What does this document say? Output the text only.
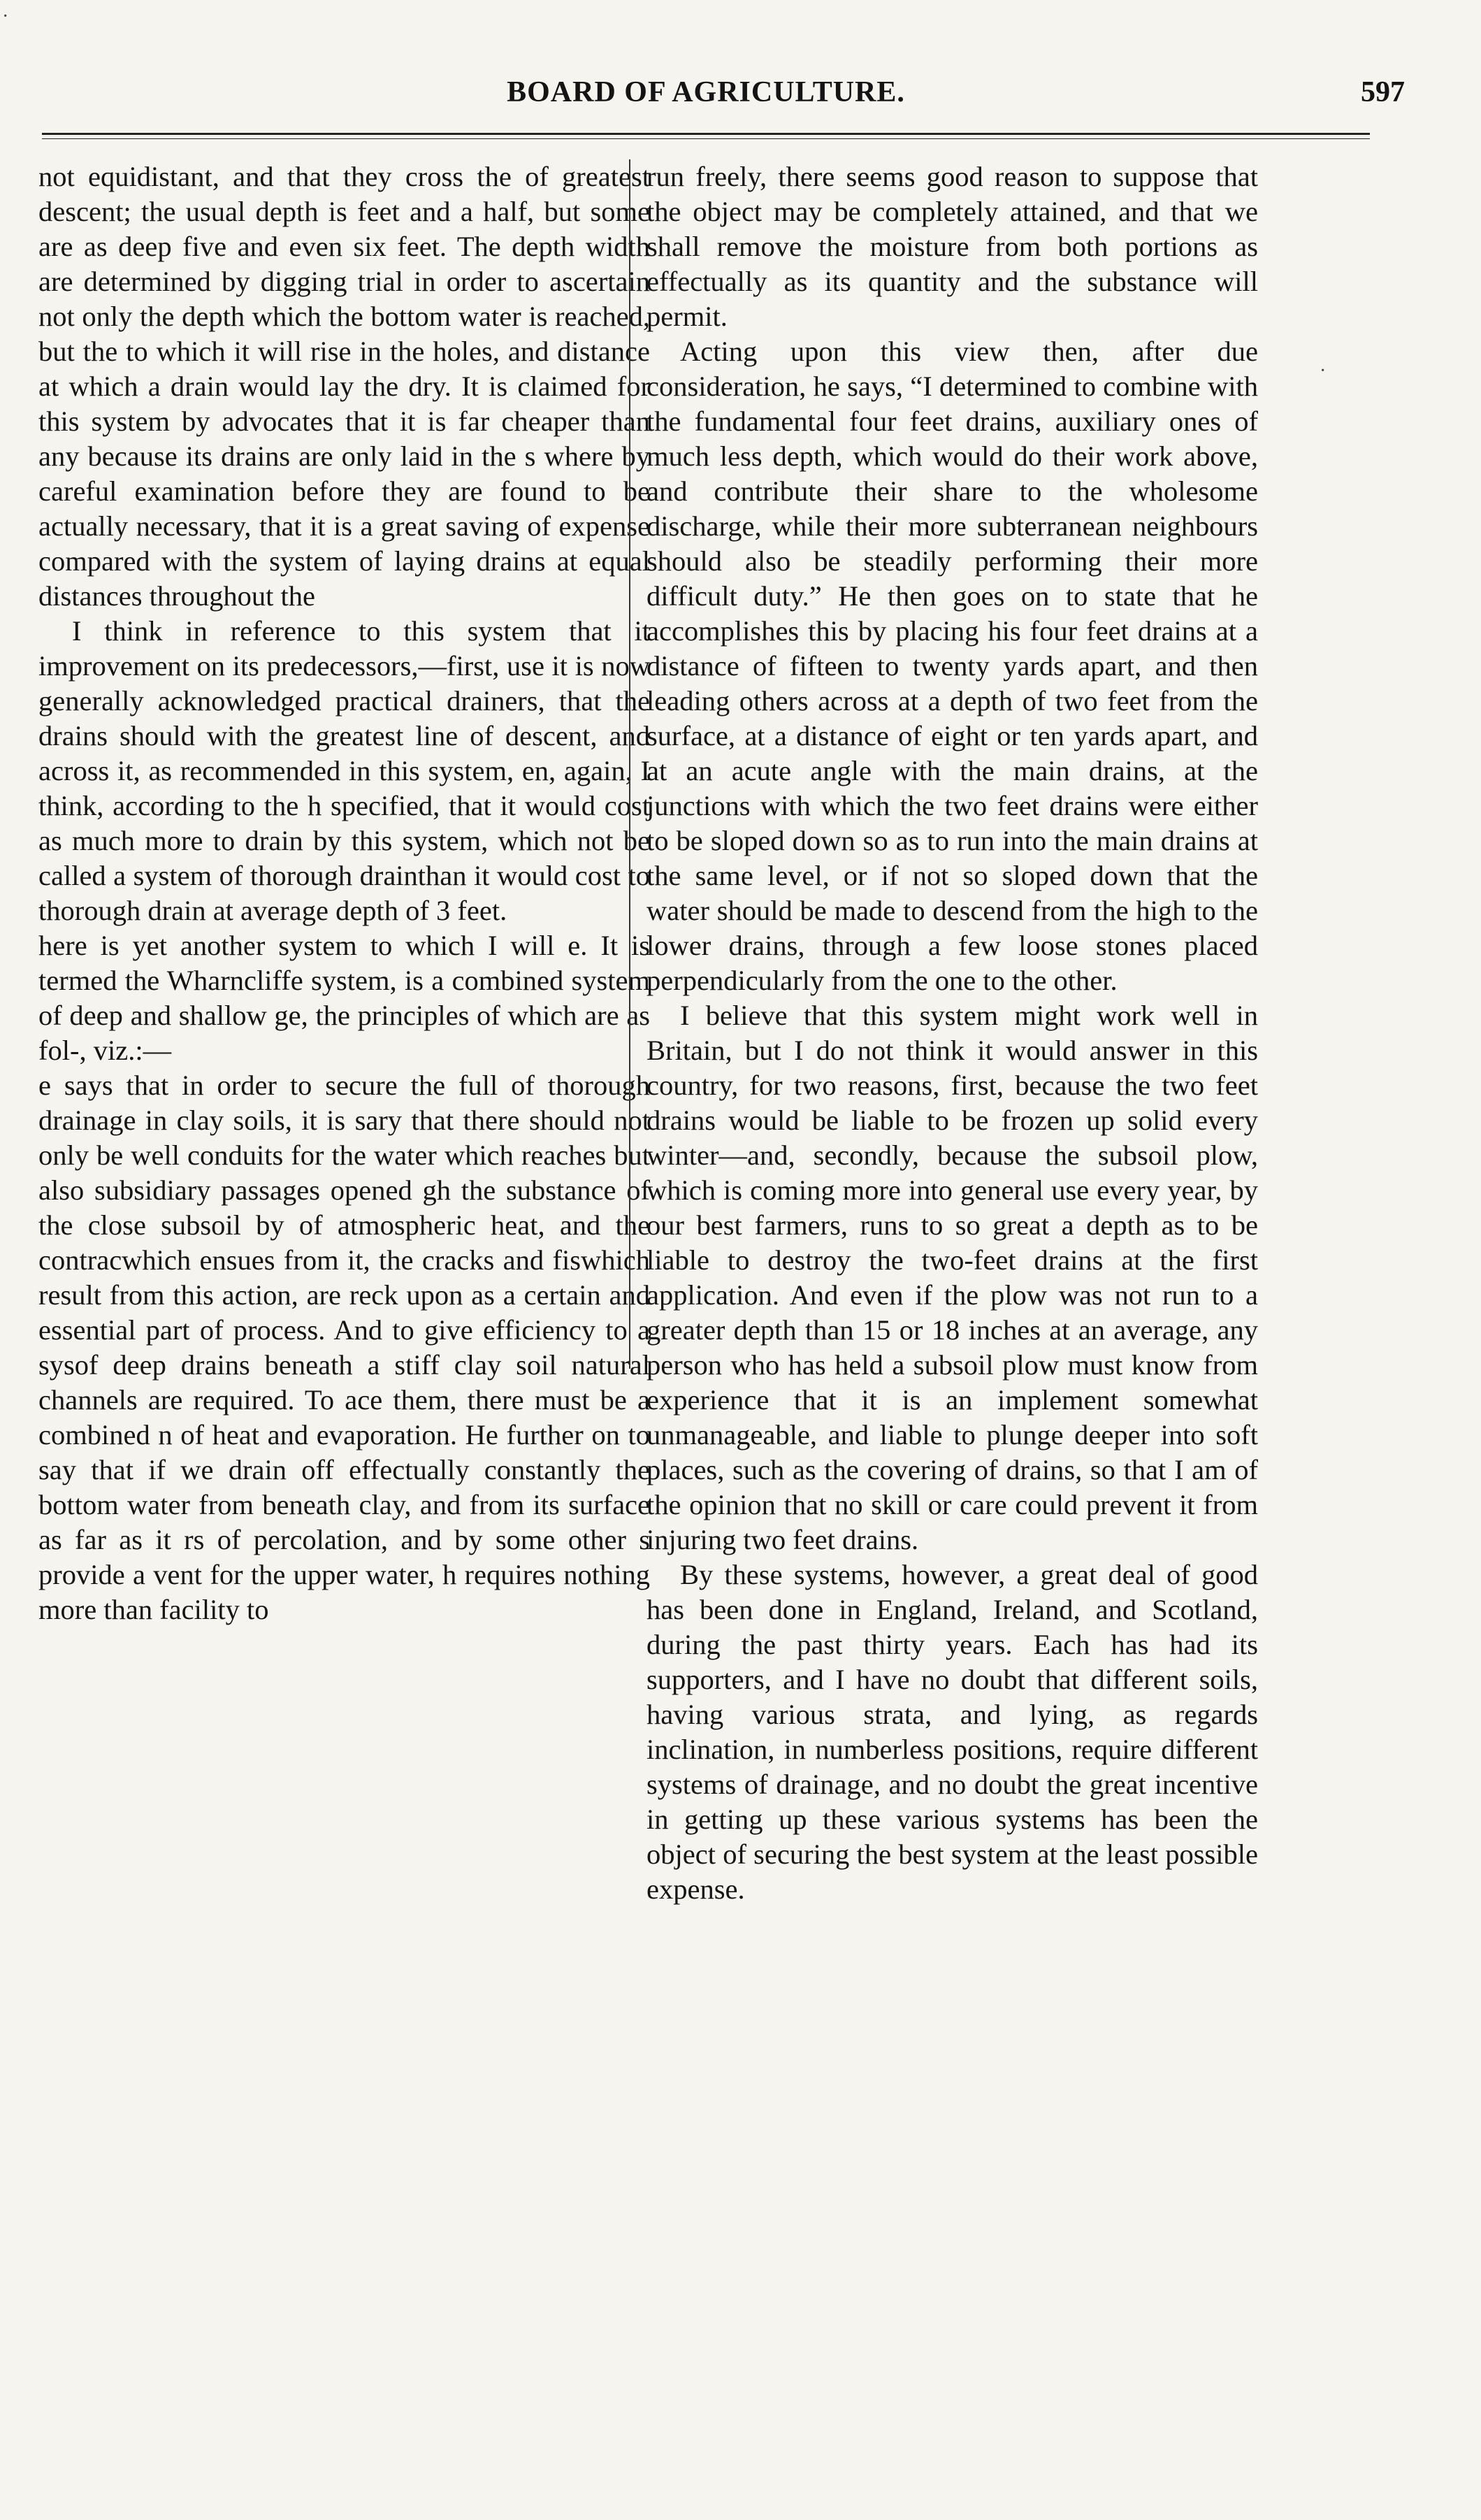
·
·
BOARD OF AGRICULTURE.	597

not equidistant, and that they cross the of greatest descent; the usual depth is feet and a half, but some are as deep five and even six feet. The depth width are determined by digging trial in order to ascertain not only the depth which the bottom water is reached, but the to which it will rise in the holes, and distance at which a drain would lay the dry. It is claimed for this system by advocates that it is far cheaper than any because its drains are only laid in the s where by careful examination before they are found to be actually necessary, that it is a great saving of expense compared with the system of laying drains at equal distances throughout the

I think in reference to this system that it improvement on its predecessors,—first, use it is now generally acknowledged practical drainers, that the drains should with the greatest line of descent, and across it, as recommended in this system, en, again, I think, according to the h specified, that it would cost as much more to drain by this system, which not be called a system of thorough drainthan it would cost to thorough drain at average depth of 3 feet.

here is yet another system to which I will e. It is termed the Wharncliffe system, is a combined system of deep and shallow ge, the principles of which are as fol-, viz.:—

e says that in order to secure the full of thorough drainage in clay soils, it is sary that there should not only be well conduits for the water which reaches but also subsidiary passages opened gh the substance of the close subsoil by of atmospheric heat, and the contracwhich ensues from it, the cracks and fiswhich result from this action, are reck upon as a certain and essential part of process. And to give efficiency to a sysof deep drains beneath a stiff clay soil natural channels are required. To ace them, there must be a combined n of heat and evaporation. He further on to say that if we drain off effectually constantly the bottom water from beneath clay, and from its surface as far as it rs of percolation, and by some other s provide a vent for the upper water, h requires nothing more than facility to

run freely, there seems good reason to suppose that the object may be completely attained, and that we shall remove the moisture from both portions as effectually as its quantity and the substance will permit.

Acting upon this view then, after due consideration, he says, “I determined to combine with the fundamental four feet drains, auxiliary ones of much less depth, which would do their work above, and contribute their share to the wholesome discharge, while their more subterranean neighbours should also be steadily performing their more difficult duty.” He then goes on to state that he accomplishes this by placing his four feet drains at a distance of fifteen to twenty yards apart, and then leading others across at a depth of two feet from the surface, at a distance of eight or ten yards apart, and at an acute angle with the main drains, at the junctions with which the two feet drains were either to be sloped down so as to run into the main drains at the same level, or if not so sloped down that the water should be made to descend from the high to the lower drains, through a few loose stones placed perpendicularly from the one to the other.

I believe that this system might work well in Britain, but I do not think it would answer in this country, for two reasons, first, because the two feet drains would be liable to be frozen up solid every winter—and, secondly, because the subsoil plow, which is coming more into general use every year, by our best farmers, runs to so great a depth as to be liable to destroy the two-feet drains at the first application. And even if the plow was not run to a greater depth than 15 or 18 inches at an average, any person who has held a subsoil plow must know from experience that it is an implement somewhat unmanageable, and liable to plunge deeper into soft places, such as the covering of drains, so that I am of the opinion that no skill or care could prevent it from injuring two feet drains.

By these systems, however, a great deal of good has been done in England, Ireland, and Scotland, during the past thirty years. Each has had its supporters, and I have no doubt that different soils, having various strata, and lying, as regards inclination, in numberless positions, require different systems of drainage, and no doubt the great incentive in getting up these various systems has been the object of securing the best system at the least possible expense.
